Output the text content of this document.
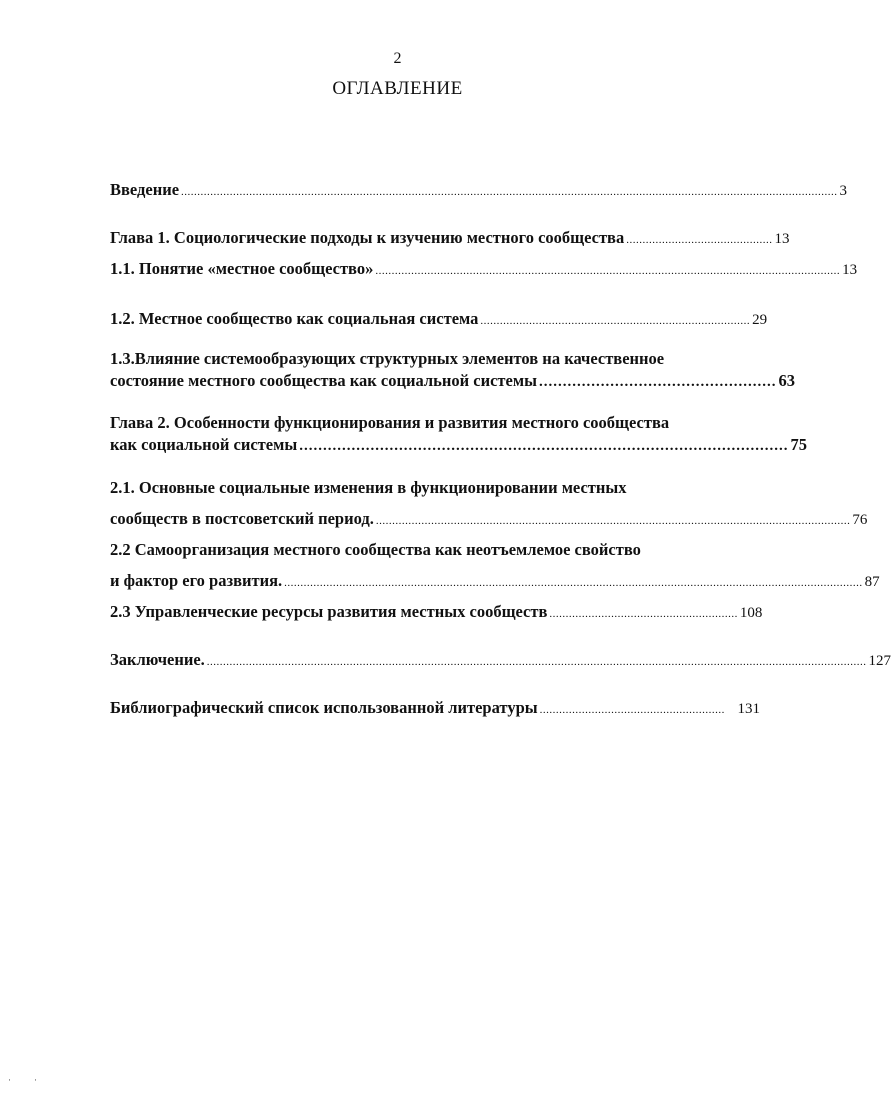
2
ОГЛАВЛЕНИЕ
Введение .......................................................................................................................................................................................................... 3
Глава 1. Социологические подходы к изучению местного сообщества ............................................. 13
1.1. Понятие «местное сообщество» ............................................................................................................................................... 13
1.2. Местное сообщество как социальная система ................................................................................... 29
1.3.Влияние системообразующих структурных элементов на качественное
состояние местного сообщества как социальной системы .................................................. 63
Глава 2. Особенности функционирования и развития местного сообщества
как социальной системы ....................................................................................................... 75
2.1. Основные социальные изменения в функционировании местных
сообществ в постсоветский период. .................................................................................................................................................. 76
2.2 Самоорганизация местного сообщества как неотъемлемое свойство
и фактор его развития. .................................................................................................................................................................................. 87
2.3 Управленческие ресурсы развития местных сообществ .......................................................... 108
Заключение. ........................................................................................................................................................................................................... 127
Библиографический список использованной литературы ......................................................... 131
·	·
